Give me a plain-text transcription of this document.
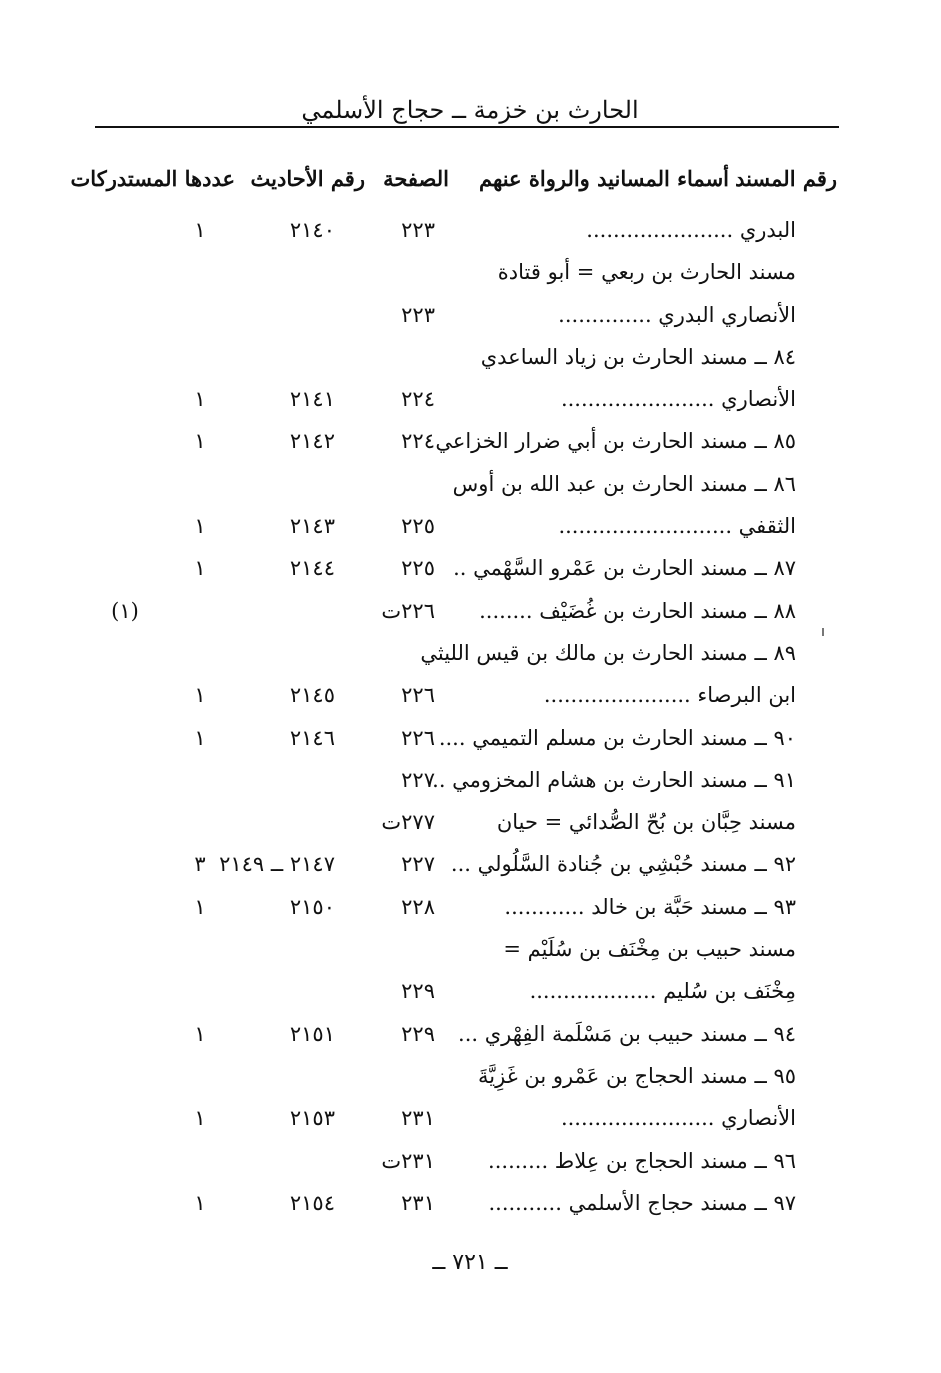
الحارث بن خزمة ــ حجاج الأسلمي
رقم المسند
أسماء المسانيد والرواة عنهم
الصفحة
رقم الأحاديث
عددها المستدركات
البدري ......................
٢٢٣
٢١٤٠
١
مسند الحارث بن ربعي = أبو قتادة
الأنصاري البدري ..............
٢٢٣
٨٤ ــ مسند الحارث بن زياد الساعدي
الأنصاري .......................
٢٢٤
٢١٤١
١
٨٥ ــ مسند الحارث بن أبي ضرار الخزاعي
٢٢٤
٢١٤٢
١
٨٦ ــ مسند الحارث بن عبد الله بن أوس
الثقفي ..........................
٢٢٥
٢١٤٣
١
٨٧ ــ مسند الحارث بن عَمْرو السَّهْمي ..
٢٢٥
٢١٤٤
١
٨٨ ــ مسند الحارث بن غُضَيْف ........
٢٢٦ت
(١)
٨٩ ــ مسند الحارث بن مالك بن قيس الليثي
ابن البرصاء ......................
٢٢٦
٢١٤٥
١
٩٠ ــ مسند الحارث بن مسلم التميمي ....
٢٢٦
٢١٤٦
١
٩١ ــ مسند الحارث بن هشام المخزومي ..
٢٢٧
مسند حِبَّان بن بُحّ الصُّدائي = حيان
٢٧٧ت
٩٢ ــ مسند حُبْشِي بن جُنادة السَّلُولي ...
٢٢٧
٢١٤٧ ــ ٢١٤٩
٣
٩٣ ــ مسند حَبَّة بن خالد ............
٢٢٨
٢١٥٠
١
مسند حبيب بن مِخْنَف بن سُلَيْم =
مِخْنَف بن سُليم ...................
٢٢٩
٩٤ ــ مسند حبيب بن مَسْلَمة الفِهْري ...
٢٢٩
٢١٥١
١
٩٥ ــ مسند الحجاج بن عَمْرو بن غَزِيَّةَ
الأنصاري .......................
٢٣١
٢١٥٣
١
٩٦ ــ مسند الحجاج بن عِلاط .........
٢٣١ت
٩٧ ــ مسند حجاج الأسلمي ...........
٢٣١
٢١٥٤
١
ــ ٧٢١ ــ
